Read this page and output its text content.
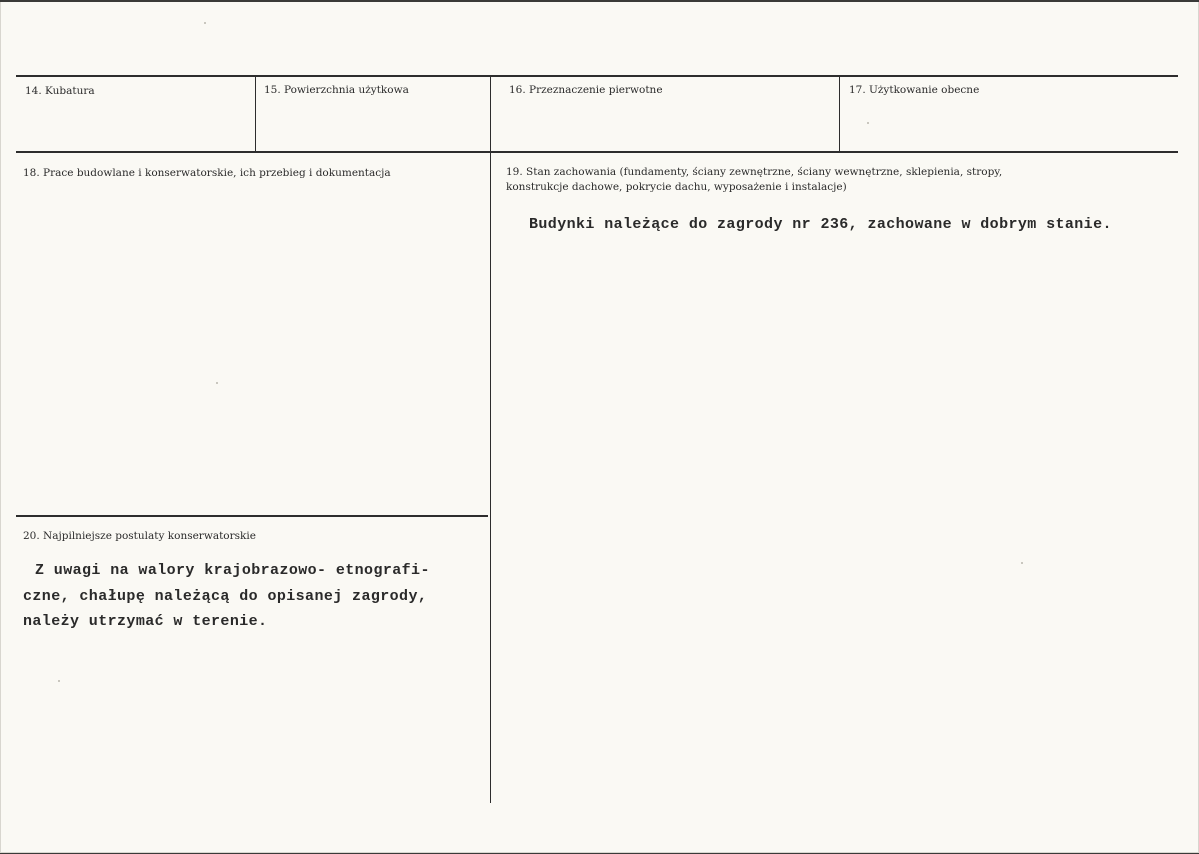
14. Kubatura	15. Powierzchnia użytkowa	16. Przeznaczenie pierwotne	17. Użytkowanie obecne
18. Prace budowlane i konserwatorskie, ich przebieg i dokumentacja	19. Stan zachowania (fundamenty, ściany zewnętrzne, ściany wewnętrzne, sklepienia, stropy,
konstrukcje dachowe, pokrycie dachu, wyposażenie i instalacje)
20. Najpilniejsze postulaty konserwatorskie
Budynki należące do zagrody nr 236, zachowane w dobrym stanie.
Z uwagi na walory krajobrazowo- etnografi-
czne, chałupę należącą do opisanej zagrody,
należy utrzymać w terenie.
